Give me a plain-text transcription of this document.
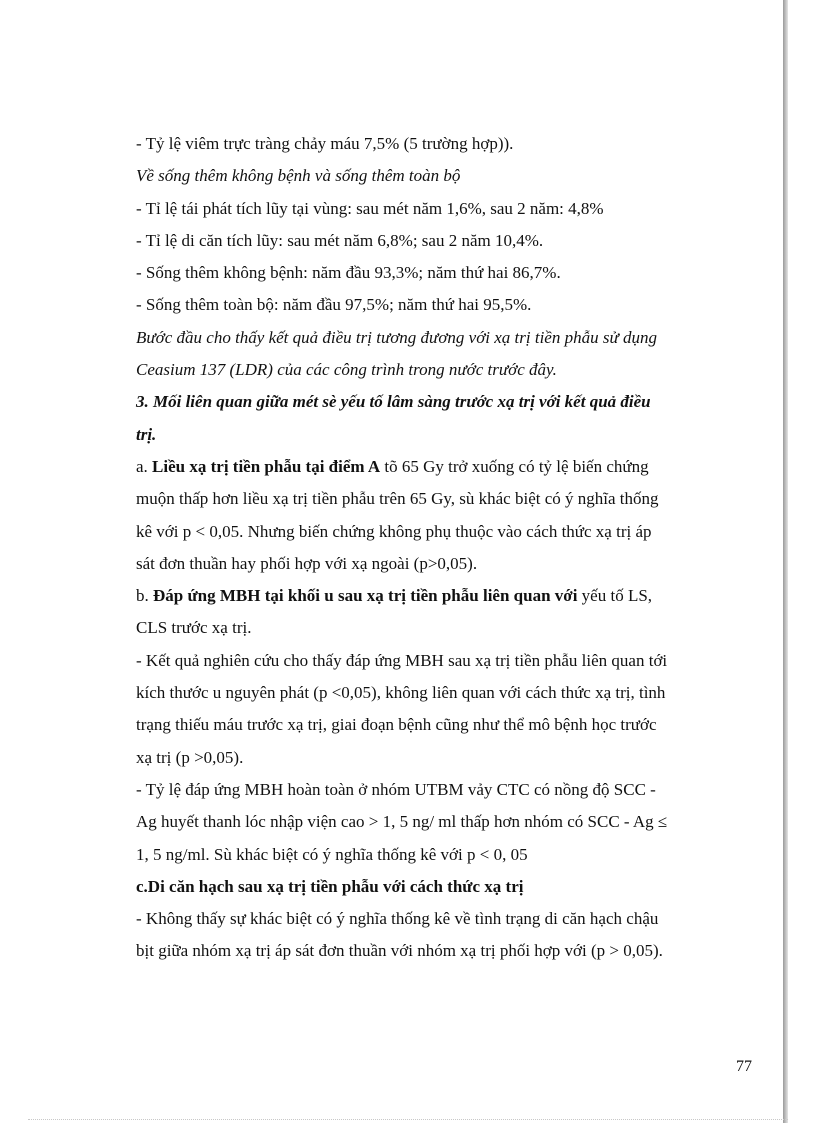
- Tỷ lệ viêm trực tràng chảy máu 7,5% (5 trường hợp)).
Về sống thêm không bệnh và sống thêm toàn bộ
- Tỉ lệ tái phát tích lũy tại vùng: sau mét năm 1,6%, sau 2 năm: 4,8%
- Tỉ lệ di căn tích lũy: sau mét năm 6,8%; sau 2 năm 10,4%.
- Sống thêm không bệnh: năm đầu 93,3%; năm thứ hai 86,7%.
- Sống thêm toàn bộ: năm đầu 97,5%; năm thứ hai 95,5%.
Bước đầu cho thấy kết quả điều trị tương đương với xạ trị tiền phẫu sử dụng
Ceasium 137 (LDR) của các công trình trong nước trước đây.
3. Mối liên quan giữa mét sè yếu tố lâm sàng trước xạ trị với kết quả điều
trị.
a. Liều xạ trị tiền phẫu tại điểm A tõ 65 Gy trở xuống có tỷ lệ biến chứng
muộn thấp hơn liều xạ trị tiền phẫu trên 65 Gy, sù khác biệt có ý nghĩa thống
kê với p < 0,05. Nhưng biến chứng không phụ thuộc vào cách thức xạ trị áp
sát đơn thuần hay phối hợp với xạ ngoài (p>0,05).
b. Đáp ứng MBH tại khối u sau xạ trị tiền phẫu liên quan với yếu tố LS,
CLS trước xạ trị.
- Kết quả nghiên cứu cho thấy đáp ứng MBH sau xạ trị tiền phẫu liên quan tới
kích thước u nguyên phát (p <0,05), không liên quan với cách thức xạ trị, tình
trạng thiếu máu trước xạ trị, giai đoạn bệnh cũng như thể mô bệnh học trước
xạ trị (p >0,05).
- Tỷ lệ đáp ứng MBH hoàn toàn ở nhóm UTBM vảy CTC có nồng độ SCC -
Ag huyết thanh lóc nhập viện cao > 1, 5 ng/ ml thấp hơn nhóm có SCC - Ag ≤
1, 5 ng/ml. Sù khác biệt có ý nghĩa thống kê với p < 0, 05
c.Di căn hạch sau xạ trị tiền phẫu với cách thức xạ trị
- Không thấy sự khác biệt có ý nghĩa thống kê về tình trạng di căn hạch chậu
bịt giữa nhóm xạ trị áp sát đơn thuần với nhóm xạ trị phối hợp với (p > 0,05).
77
